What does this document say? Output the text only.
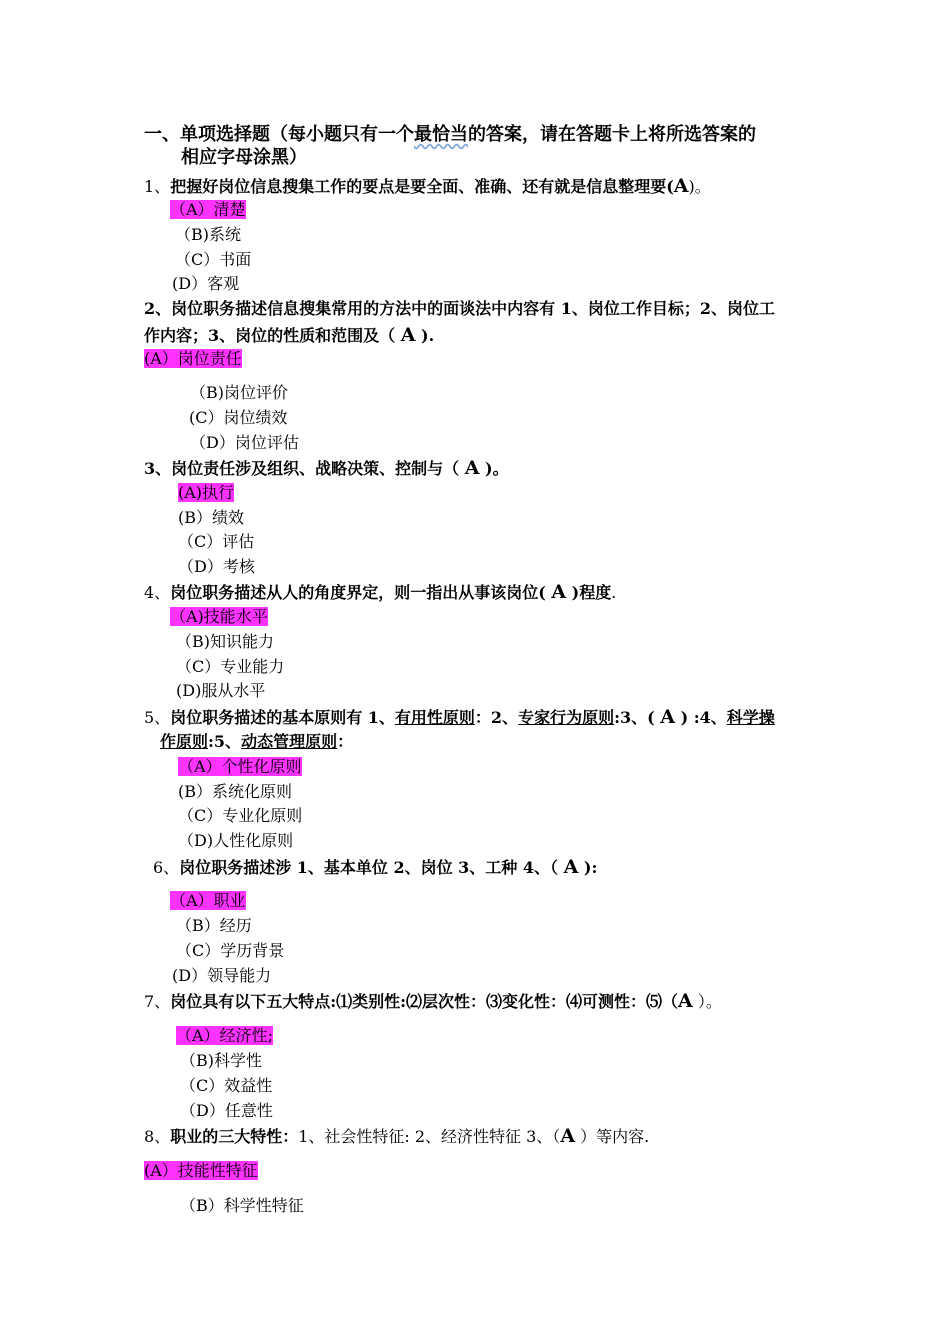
一、单项选择题（每小题只有一个最恰当的答案，请在答题卡上将所选答案的
相应字母涂黑）
1、把握好岗位信息搜集工作的要点是要全面、准确、还有就是信息整理要(A)。
（A）清楚
（B)系统
（C）书面
(D）客观
2、岗位职务描述信息搜集常用的方法中的面谈法中内容有 1、岗位工作目标；2、岗位工
作内容；3、岗位的性质和范围及（ A ).
(A）岗位责任
（B)岗位评价
(C）岗位绩效
（D）岗位评估
3、岗位责任涉及组织、战略决策、控制与（ A )。
(A)执行
(B）绩效
（C）评估
（D）考核
4、岗位职务描述从人的角度界定，则一指出从事该岗位( A )程度.
（A)技能水平
（B)知识能力
（C）专业能力
(D)服从水平
5、岗位职务描述的基本原则有 1、有用性原则：2、专家行为原则:3、( A ) :4、科学操
作原则:5、动态管理原则：
（A）个性化原则
(B）系统化原则
（C）专业化原则
（D)人性化原则
6、岗位职务描述涉 1、基本单位 2、岗位 3、工种 4、（ A ):
（A）职业
（B）经历
（C）学历背景
(D）领导能力
7、岗位具有以下五大特点:⑴类别性:⑵层次性：⑶变化性：⑷可测性：⑸（A ）。
（A）经济性;
（B)科学性
（C）效益性
（D）任意性
8、职业的三大特性：1、社会性特征: 2、经济性特征 3、（A ）等内容.
(A）技能性特征
（B）科学性特征
